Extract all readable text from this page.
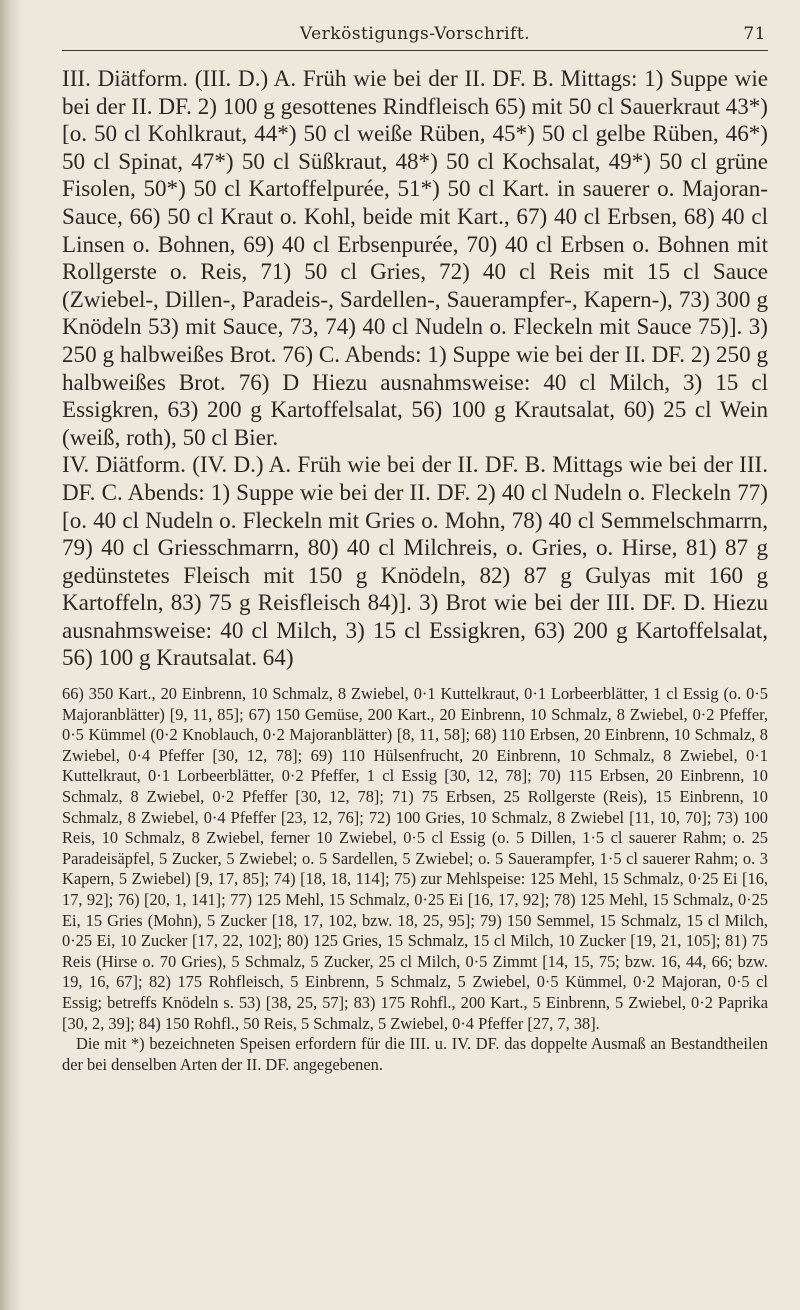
Verköstigungs-Vorschrift.	71

III. Diätform. (III. D.) A. Früh wie bei der II. DF. B. Mittags: 1) Suppe wie bei der II. DF. 2) 100 g gesottenes Rindfleisch 65) mit 50 cl Sauerkraut 43*) [o. 50 cl Kohlkraut, 44*) 50 cl weiße Rüben, 45*) 50 cl gelbe Rüben, 46*) 50 cl Spinat, 47*) 50 cl Süßkraut, 48*) 50 cl Kochsalat, 49*) 50 cl grüne Fisolen, 50*) 50 cl Kartoffelpurée, 51*) 50 cl Kart. in sauerer o. Majoran-Sauce, 66) 50 cl Kraut o. Kohl, beide mit Kart., 67) 40 cl Erbsen, 68) 40 cl Linsen o. Bohnen, 69) 40 cl Erbsenpurée, 70) 40 cl Erbsen o. Bohnen mit Rollgerste o. Reis, 71) 50 cl Gries, 72) 40 cl Reis mit 15 cl Sauce (Zwiebel-, Dillen-, Paradeis-, Sardellen-, Sauerampfer-, Kapern-), 73) 300 g Knödeln 53) mit Sauce, 73, 74) 40 cl Nudeln o. Fleckeln mit Sauce 75)]. 3) 250 g halbweißes Brot. 76) C. Abends: 1) Suppe wie bei der II. DF. 2) 250 g halbweißes Brot. 76) D Hiezu ausnahmsweise: 40 cl Milch, 3) 15 cl Essigkren, 63) 200 g Kartoffelsalat, 56) 100 g Krautsalat, 60) 25 cl Wein (weiß, roth), 50 cl Bier.

IV. Diätform. (IV. D.) A. Früh wie bei der II. DF. B. Mittags wie bei der III. DF. C. Abends: 1) Suppe wie bei der II. DF. 2) 40 cl Nudeln o. Fleckeln 77) [o. 40 cl Nudeln o. Fleckeln mit Gries o. Mohn, 78) 40 cl Semmelschmarrn, 79) 40 cl Griesschmarrn, 80) 40 cl Milchreis, o. Gries, o. Hirse, 81) 87 g gedünstetes Fleisch mit 150 g Knödeln, 82) 87 g Gulyas mit 160 g Kartoffeln, 83) 75 g Reisfleisch 84)]. 3) Brot wie bei der III. DF. D. Hiezu ausnahmsweise: 40 cl Milch, 3) 15 cl Essigkren, 63) 200 g Kartoffelsalat, 56) 100 g Krautsalat. 64)

66) 350 Kart., 20 Einbrenn, 10 Schmalz, 8 Zwiebel, 0·1 Kuttelkraut, 0·1 Lorbeerblätter, 1 cl Essig (o. 0·5 Majoranblätter) [9, 11, 85]; 67) 150 Gemüse, 200 Kart., 20 Einbrenn, 10 Schmalz, 8 Zwiebel, 0·2 Pfeffer, 0·5 Kümmel (0·2 Knoblauch, 0·2 Majoranblätter) [8, 11, 58]; 68) 110 Erbsen, 20 Einbrenn, 10 Schmalz, 8 Zwiebel, 0·4 Pfeffer [30, 12, 78]; 69) 110 Hülsenfrucht, 20 Einbrenn, 10 Schmalz, 8 Zwiebel, 0·1 Kuttelkraut, 0·1 Lorbeerblätter, 0·2 Pfeffer, 1 cl Essig [30, 12, 78]; 70) 115 Erbsen, 20 Einbrenn, 10 Schmalz, 8 Zwiebel, 0·2 Pfeffer [30, 12, 78]; 71) 75 Erbsen, 25 Rollgerste (Reis), 15 Einbrenn, 10 Schmalz, 8 Zwiebel, 0·4 Pfeffer [23, 12, 76]; 72) 100 Gries, 10 Schmalz, 8 Zwiebel [11, 10, 70]; 73) 100 Reis, 10 Schmalz, 8 Zwiebel, ferner 10 Zwiebel, 0·5 cl Essig (o. 5 Dillen, 1·5 cl sauerer Rahm; o. 25 Paradeisäpfel, 5 Zucker, 5 Zwiebel; o. 5 Sardellen, 5 Zwiebel; o. 5 Sauerampfer, 1·5 cl sauerer Rahm; o. 3 Kapern, 5 Zwiebel) [9, 17, 85]; 74) [18, 18, 114]; 75) zur Mehlspeise: 125 Mehl, 15 Schmalz, 0·25 Ei [16, 17, 92]; 76) [20, 1, 141]; 77) 125 Mehl, 15 Schmalz, 0·25 Ei [16, 17, 92]; 78) 125 Mehl, 15 Schmalz, 0·25 Ei, 15 Gries (Mohn), 5 Zucker [18, 17, 102, bzw. 18, 25, 95]; 79) 150 Semmel, 15 Schmalz, 15 cl Milch, 0·25 Ei, 10 Zucker [17, 22, 102]; 80) 125 Gries, 15 Schmalz, 15 cl Milch, 10 Zucker [19, 21, 105]; 81) 75 Reis (Hirse o. 70 Gries), 5 Schmalz, 5 Zucker, 25 cl Milch, 0·5 Zimmt [14, 15, 75; bzw. 16, 44, 66; bzw. 19, 16, 67]; 82) 175 Rohfleisch, 5 Einbrenn, 5 Schmalz, 5 Zwiebel, 0·5 Kümmel, 0·2 Majoran, 0·5 cl Essig; betreffs Knödeln s. 53) [38, 25, 57]; 83) 175 Rohfl., 200 Kart., 5 Einbrenn, 5 Zwiebel, 0·2 Paprika [30, 2, 39]; 84) 150 Rohfl., 50 Reis, 5 Schmalz, 5 Zwiebel, 0·4 Pfeffer [27, 7, 38].

Die mit *) bezeichneten Speisen erfordern für die III. u. IV. DF. das doppelte Ausmaß an Bestandtheilen der bei denselben Arten der II. DF. angegebenen.
